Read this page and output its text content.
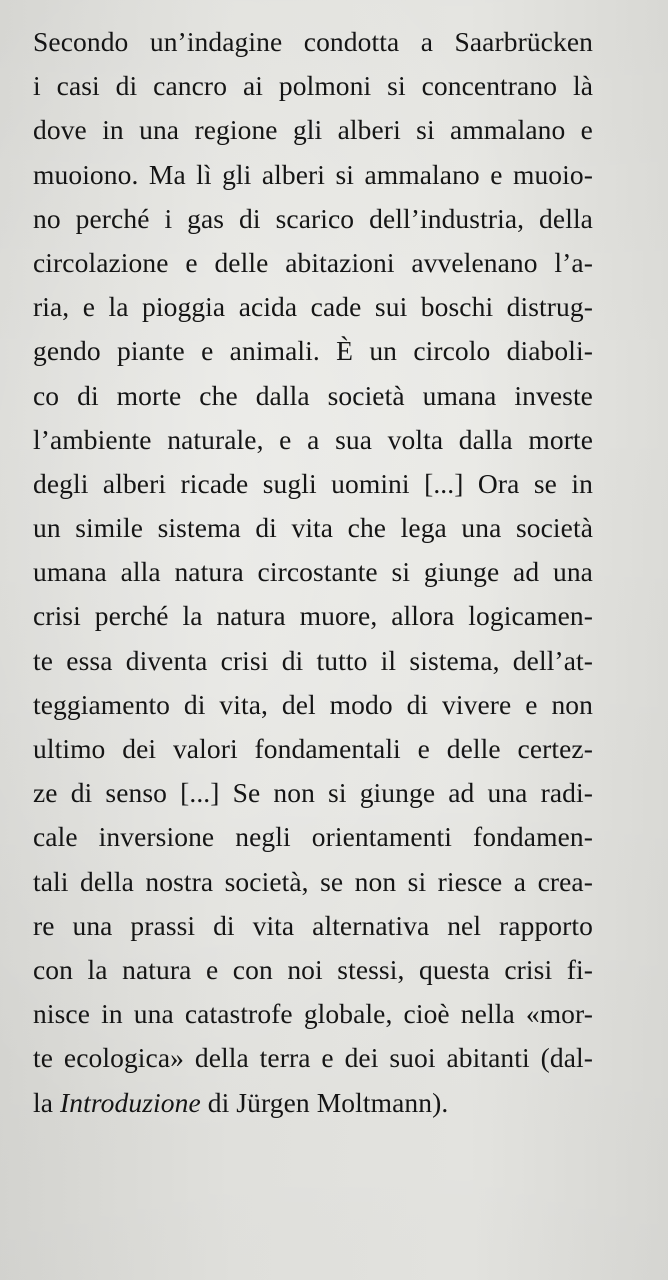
Secondo un’indagine condotta a Saarbrücken
i casi di cancro ai polmoni si concentrano là
dove in una regione gli alberi si ammalano e
muoiono. Ma lì gli alberi si ammalano e muoio-
no perché i gas di scarico dell’industria, della
circolazione e delle abitazioni avvelenano l’a-
ria, e la pioggia acida cade sui boschi distrug-
gendo piante e animali. È un circolo diaboli-
co di morte che dalla società umana investe
l’ambiente naturale, e a sua volta dalla morte
degli alberi ricade sugli uomini [...] Ora se in
un simile sistema di vita che lega una società
umana alla natura circostante si giunge ad una
crisi perché la natura muore, allora logicamen-
te essa diventa crisi di tutto il sistema, dell’at-
teggiamento di vita, del modo di vivere e non
ultimo dei valori fondamentali e delle certez-
ze di senso [...] Se non si giunge ad una radi-
cale inversione negli orientamenti fondamen-
tali della nostra società, se non si riesce a crea-
re una prassi di vita alternativa nel rapporto
con la natura e con noi stessi, questa crisi fi-
nisce in una catastrofe globale, cioè nella «mor-
te ecologica» della terra e dei suoi abitanti (dal-
la Introduzione di Jürgen Moltmann).
